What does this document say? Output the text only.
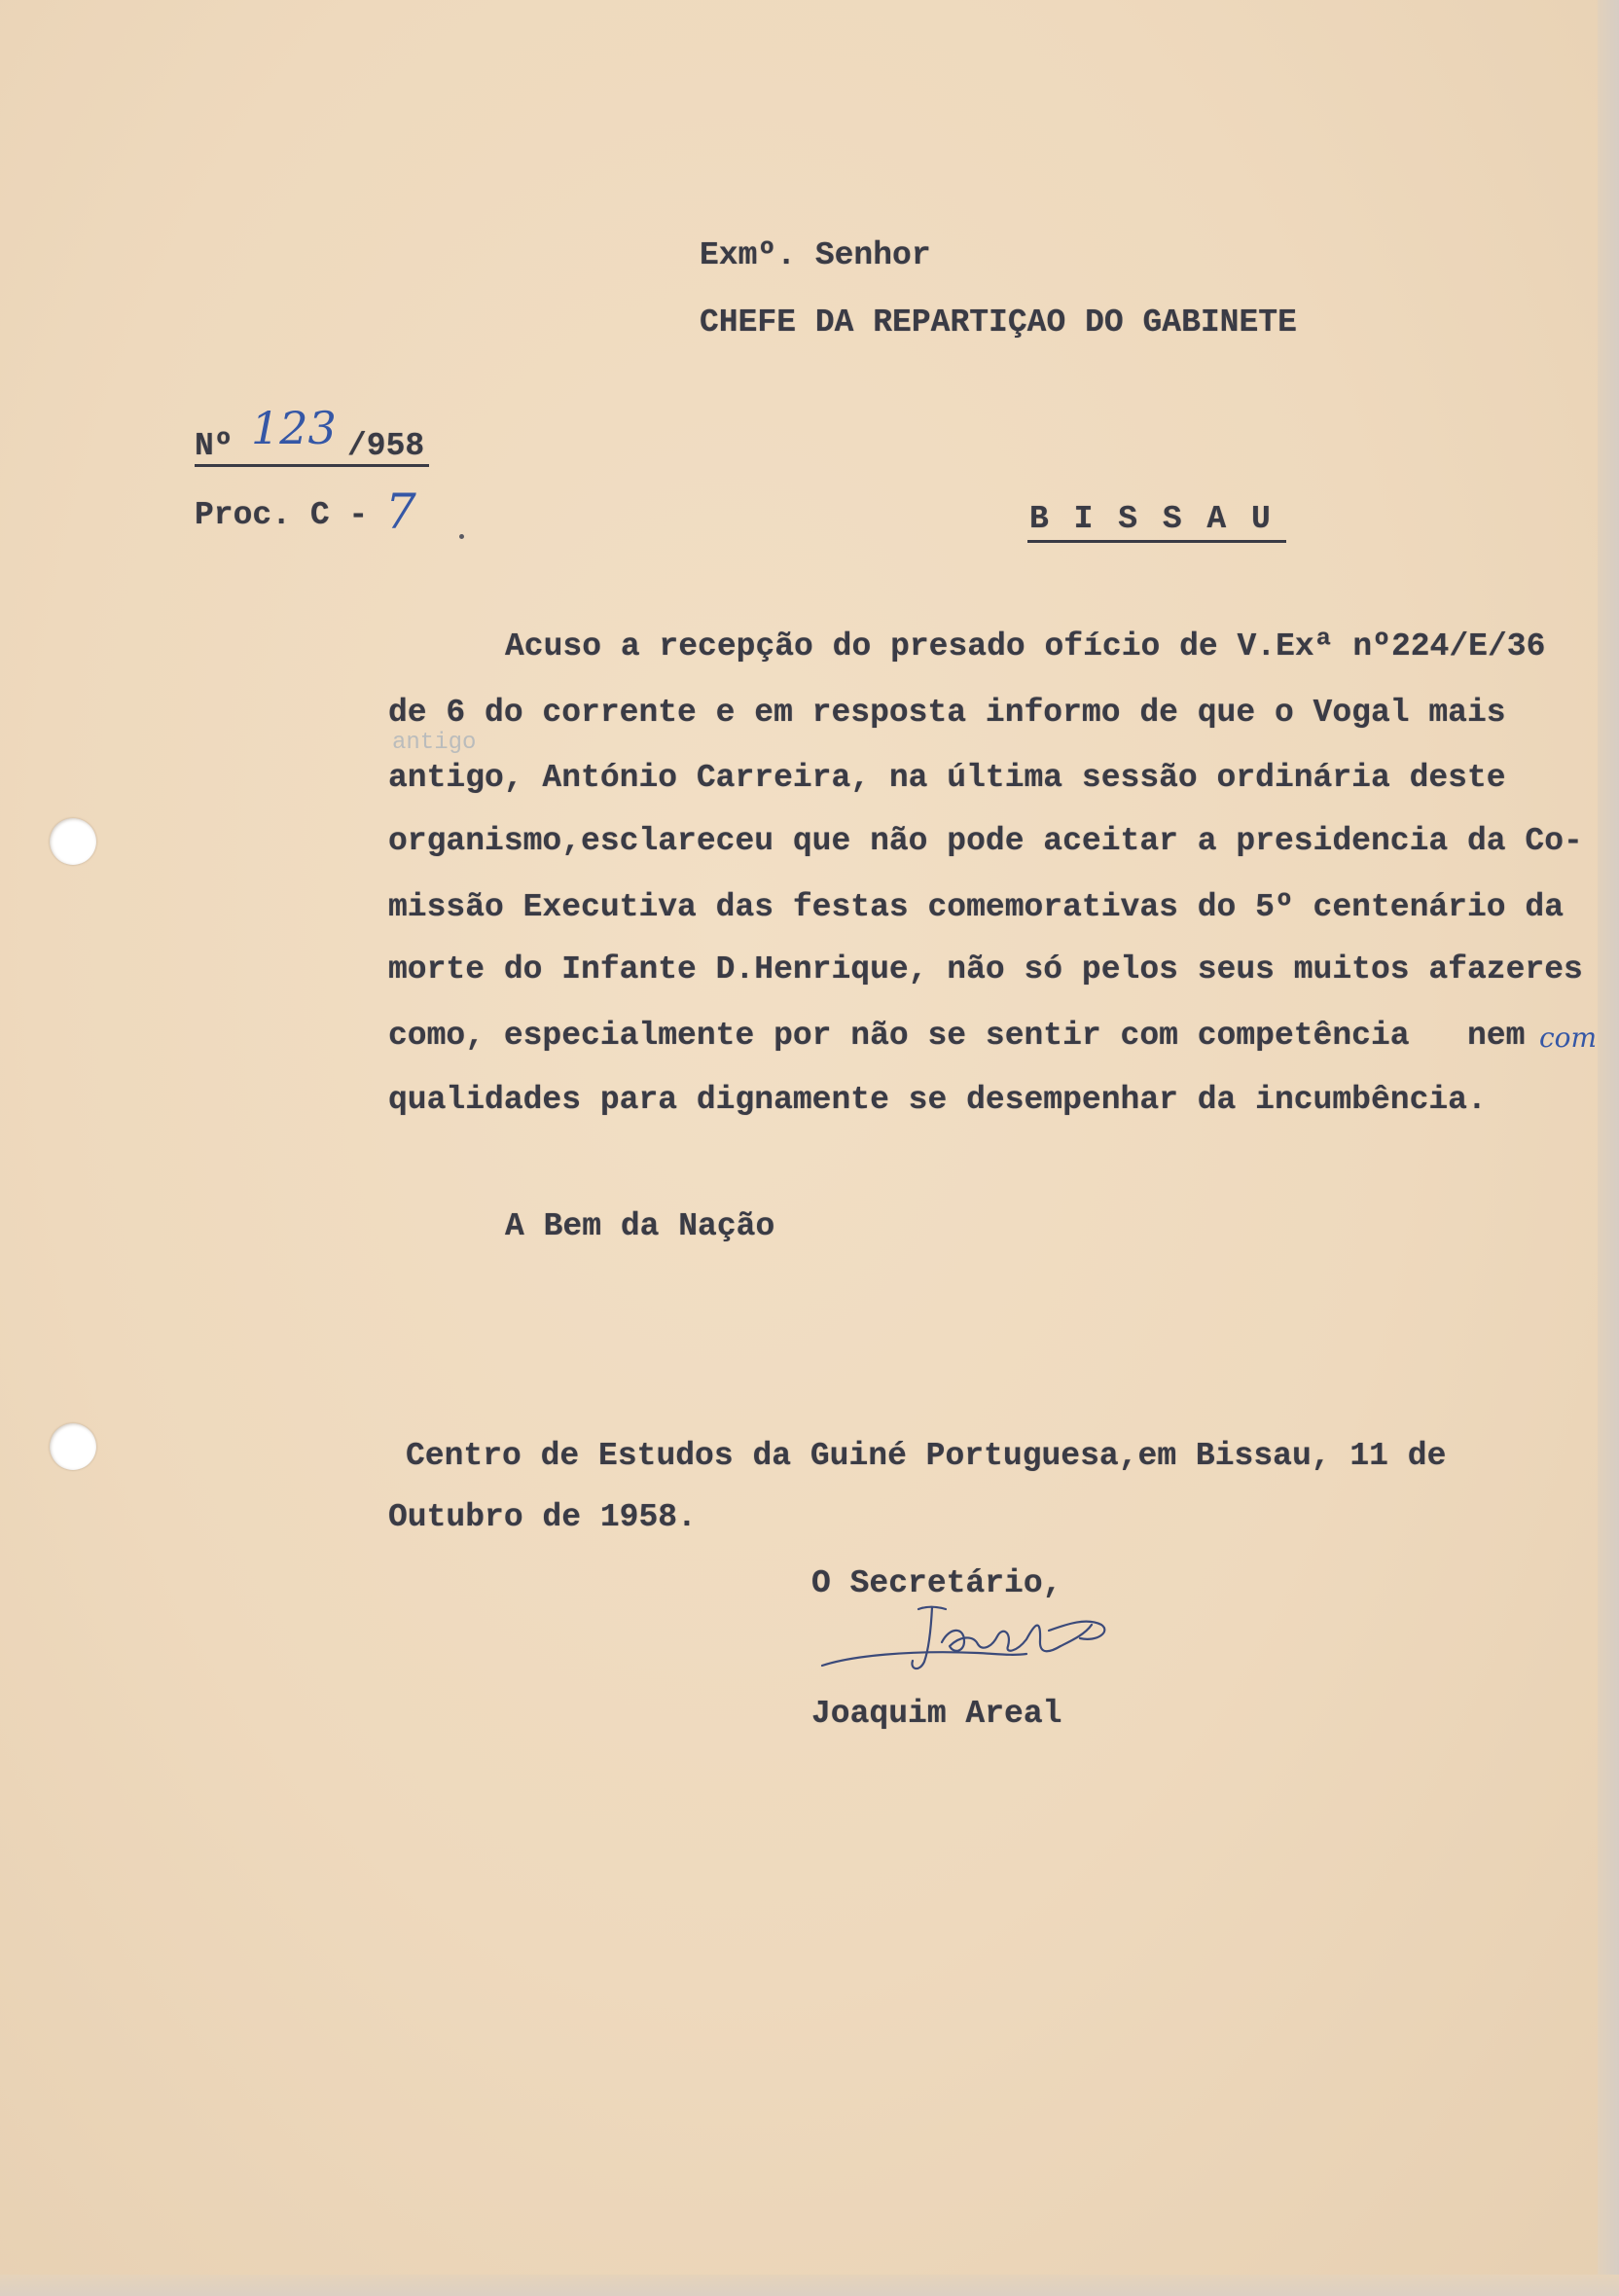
Exmº. Senhor
CHEFE DA REPARTIÇAO DO GABINETE
Nº 123 /958
Proc. C - 7	B I S S A U
Acuso a recepção do presado ofício de V.Exª nº224/E/36
de 6 do corrente e em resposta informo de que o Vogal mais
antigo
antigo, António Carreira, na última sessão ordinária deste
organismo,esclareceu que não pode aceitar a presidencia da Co-
missão Executiva das festas comemorativas do 5º centenário da
morte do Infante D.Henrique, não só pelos seus muitos afazeres
como, especialmente por não se sentir com competência   nem com
qualidades para dignamente se desempenhar da incumbência.
A Bem da Nação
Centro de Estudos da Guiné Portuguesa,em Bissau, 11 de
Outubro de 1958.
O Secretário,
Joaquim Areal
